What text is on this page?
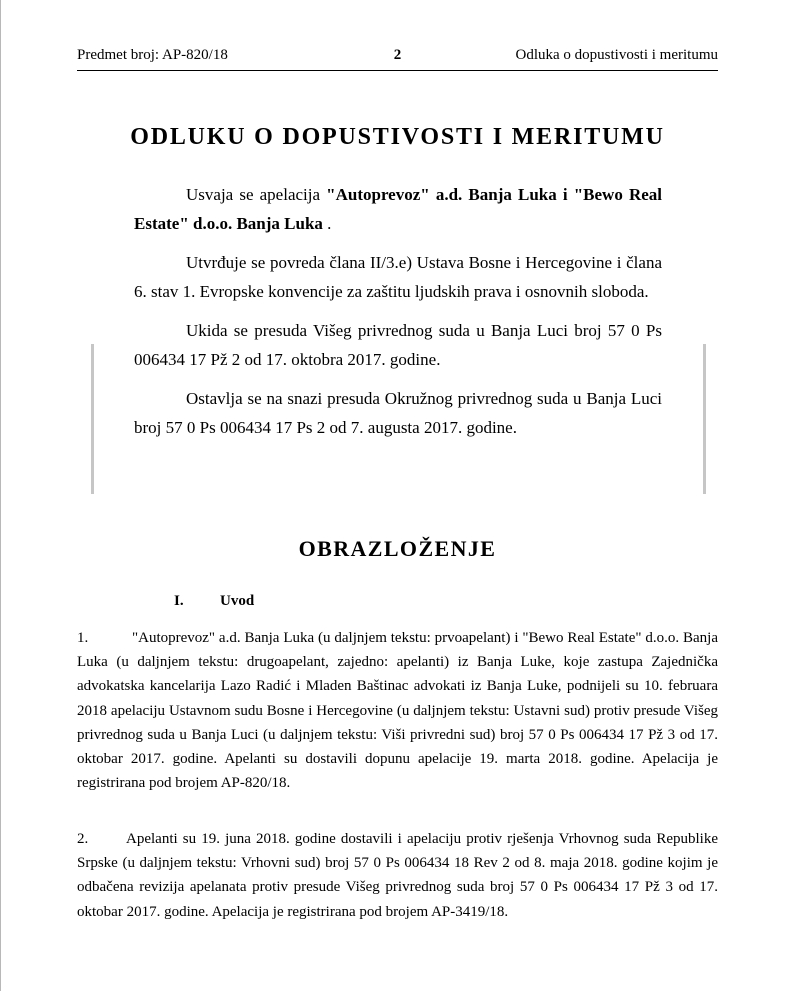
Predmet broj: AP-820/18	2	Odluka o dopustivosti i meritumu
ODLUKU O DOPUSTIVOSTI I MERITUMU

Usvaja se apelacija "Autoprevoz" a.d. Banja Luka i "Bewo Real Estate" d.o.o. Banja Luka .

Utvrđuje se povreda člana II/3.e) Ustava Bosne i Hercegovine i člana 6. stav 1. Evropske konvencije za zaštitu ljudskih prava i osnovnih sloboda.

Ukida se presuda Višeg privrednog suda u Banja Luci broj 57 0 Ps 006434 17 Pž 2 od 17. oktobra 2017. godine.

Ostavlja se na snazi presuda Okružnog privrednog suda u Banja Luci broj 57 0 Ps 006434 17 Ps 2 od 7. augusta 2017. godine.

OBRAZLOŽENJE
I. Uvod

1.	"Autoprevoz" a.d. Banja Luka (u daljnjem tekstu: prvoapelant) i "Bewo Real Estate" d.o.o. Banja Luka (u daljnjem tekstu: drugoapelant, zajedno: apelanti) iz Banja Luke, koje zastupa Zajednička advokatska kancelarija Lazo Radić i Mladen Baštinac advokati iz Banja Luke, podnijeli su 10. februara 2018 apelaciju Ustavnom sudu Bosne i Hercegovine (u daljnjem tekstu: Ustavni sud) protiv presude Višeg privrednog suda u Banja Luci (u daljnjem tekstu: Viši privredni sud) broj 57 0 Ps 006434 17 Pž 3 od 17. oktobar 2017. godine. Apelanti su dostavili dopunu apelacije 19. marta 2018. godine. Apelacija je registrirana pod brojem AP-820/18.

2.	Apelanti su 19. juna 2018. godine dostavili i apelaciju protiv rješenja Vrhovnog suda Republike Srpske (u daljnjem tekstu: Vrhovni sud) broj 57 0 Ps 006434 18 Rev 2 od 8. maja 2018. godine kojim je odbačena revizija apelanata protiv presude Višeg privrednog suda broj 57 0 Ps 006434 17 Pž 3 od 17. oktobar 2017. godine. Apelacija je registrirana pod brojem AP-3419/18.
